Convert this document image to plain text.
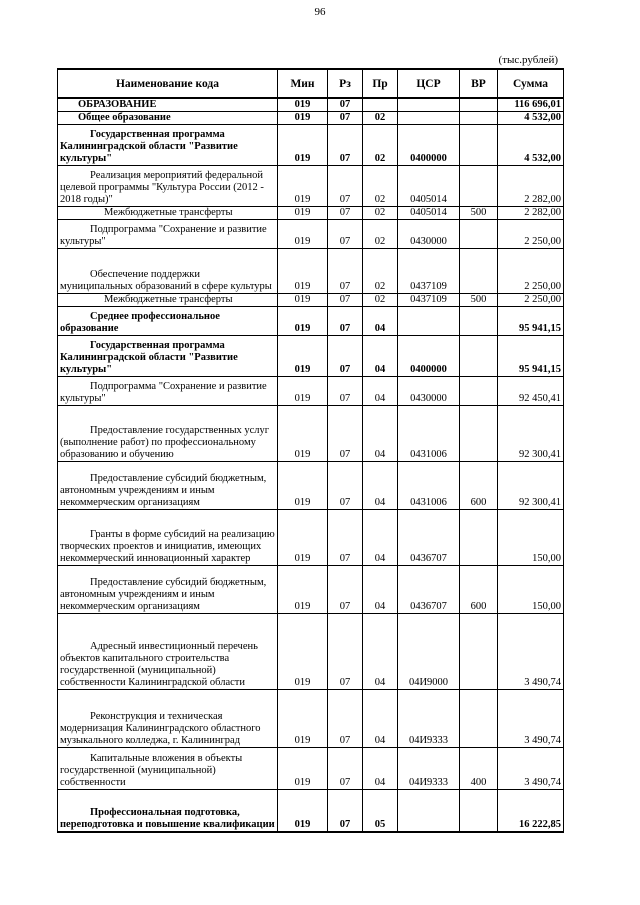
96
(тыс.рублей)
Наименование кода	Мин	Рз	Пр	ЦСР	ВР	Сумма
ОБРАЗОВАНИЕ	019	07				116 696,01
Общее образование	019	07	02			4 532,00
Государственная программа Калининградской области "Развитие культуры"	019	07	02	0400000		4 532,00
Реализация мероприятий федеральной целевой программы "Культура России (2012 - 2018 годы)"	019	07	02	0405014		2 282,00
Межбюджетные трансферты	019	07	02	0405014	500	2 282,00
Подпрограмма "Сохранение и развитие культуры"	019	07	02	0430000		2 250,00
Обеспечение поддержки муниципальных образований в сфере культуры	019	07	02	0437109		2 250,00
Межбюджетные трансферты	019	07	02	0437109	500	2 250,00
Среднее профессиональное образование	019	07	04			95 941,15
Государственная программа Калининградской области "Развитие культуры"	019	07	04	0400000		95 941,15
Подпрограмма "Сохранение и развитие культуры"	019	07	04	0430000		92 450,41
Предоставление государственных услуг (выполнение работ) по профессиональному образованию и обучению	019	07	04	0431006		92 300,41
Предоставление субсидий бюджетным, автономным учреждениям и иным некоммерческим организациям	019	07	04	0431006	600	92 300,41
Гранты в форме субсидий на реализацию творческих проектов и инициатив, имеющих некоммерческий инновационный характер	019	07	04	0436707		150,00
Предоставление субсидий бюджетным, автономным учреждениям и иным некоммерческим организациям	019	07	04	0436707	600	150,00
Адресный инвестиционный перечень объектов капитального строительства государственной (муниципальной) собственности Калининградской области	019	07	04	04И9000		3 490,74
Реконструкция и техническая модернизация Калининградского областного музыкального колледжа, г. Калининград	019	07	04	04И9333		3 490,74
Капитальные вложения в объекты государственной (муниципальной) собственности	019	07	04	04И9333	400	3 490,74
Профессиональная подготовка, переподготовка и повышение квалификации	019	07	05			16 222,85
